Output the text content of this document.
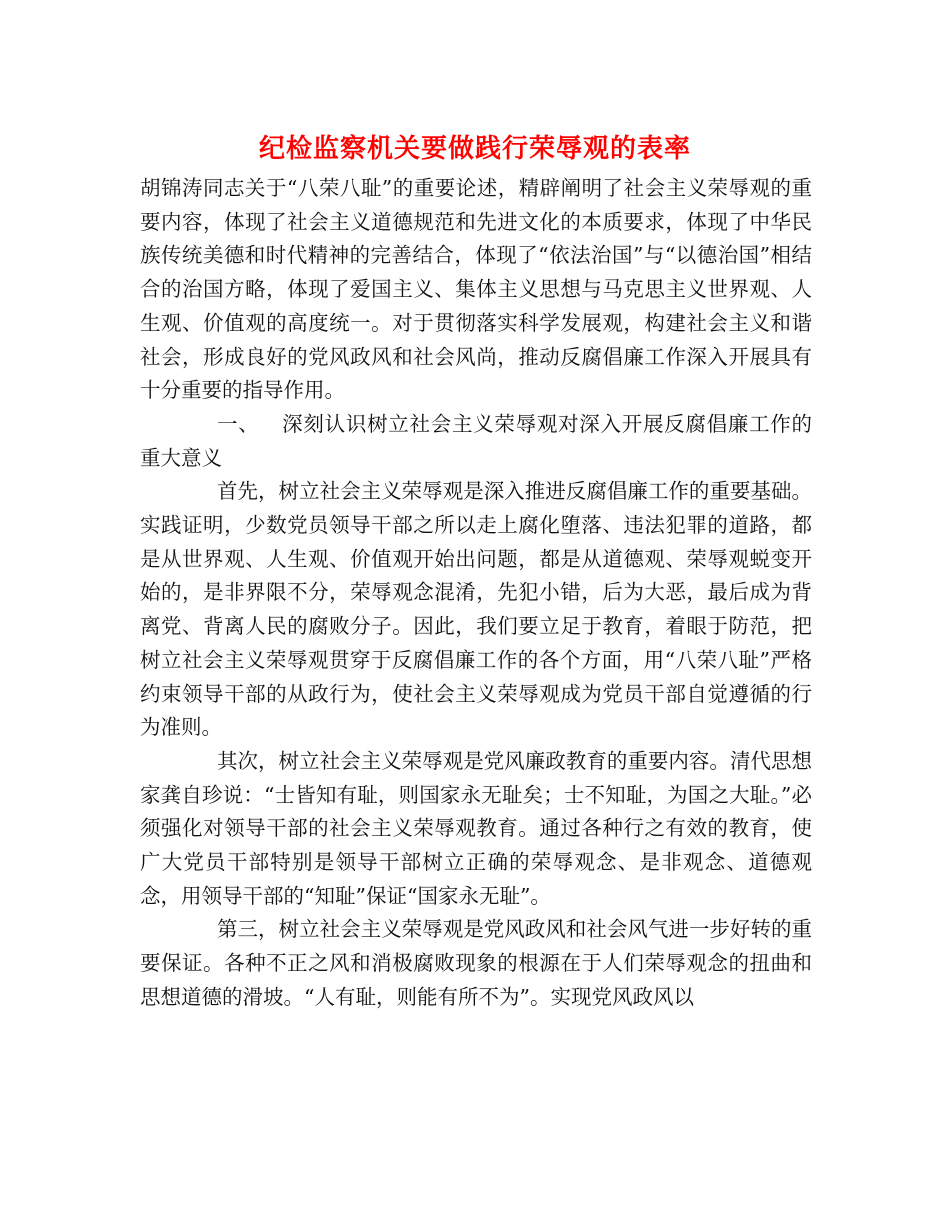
纪检监察机关要做践行荣辱观的表率

胡锦涛同志关于“八荣八耻”的重要论述，精辟阐明了社会主义荣辱观的重要内容，体现了社会主义道德规范和先进文化的本质要求，体现了中华民族传统美德和时代精神的完善结合，体现了“依法治国”与“以德治国”相结合的治国方略，体现了爱国主义、集体主义思想与马克思主义世界观、人生观、价值观的高度统一。对于贯彻落实科学发展观，构建社会主义和谐社会，形成良好的党风政风和社会风尚，推动反腐倡廉工作深入开展具有十分重要的指导作用。

一、 深刻认识树立社会主义荣辱观对深入开展反腐倡廉工作的重大意义

首先，树立社会主义荣辱观是深入推进反腐倡廉工作的重要基础。实践证明，少数党员领导干部之所以走上腐化堕落、违法犯罪的道路，都是从世界观、人生观、价值观开始出问题，都是从道德观、荣辱观蜕变开始的，是非界限不分，荣辱观念混淆，先犯小错，后为大恶，最后成为背离党、背离人民的腐败分子。因此，我们要立足于教育，着眼于防范，把树立社会主义荣辱观贯穿于反腐倡廉工作的各个方面，用“八荣八耻”严格约束领导干部的从政行为，使社会主义荣辱观成为党员干部自觉遵循的行为准则。

其次，树立社会主义荣辱观是党风廉政教育的重要内容。清代思想家龚自珍说：“士皆知有耻，则国家永无耻矣；士不知耻，为国之大耻。”必须强化对领导干部的社会主义荣辱观教育。通过各种行之有效的教育，使广大党员干部特别是领导干部树立正确的荣辱观念、是非观念、道德观念，用领导干部的“知耻”保证“国家永无耻”。

第三，树立社会主义荣辱观是党风政风和社会风气进一步好转的重要保证。各种不正之风和消极腐败现象的根源在于人们荣辱观念的扭曲和思想道德的滑坡。“人有耻，则能有所不为”。实现党风政风以
